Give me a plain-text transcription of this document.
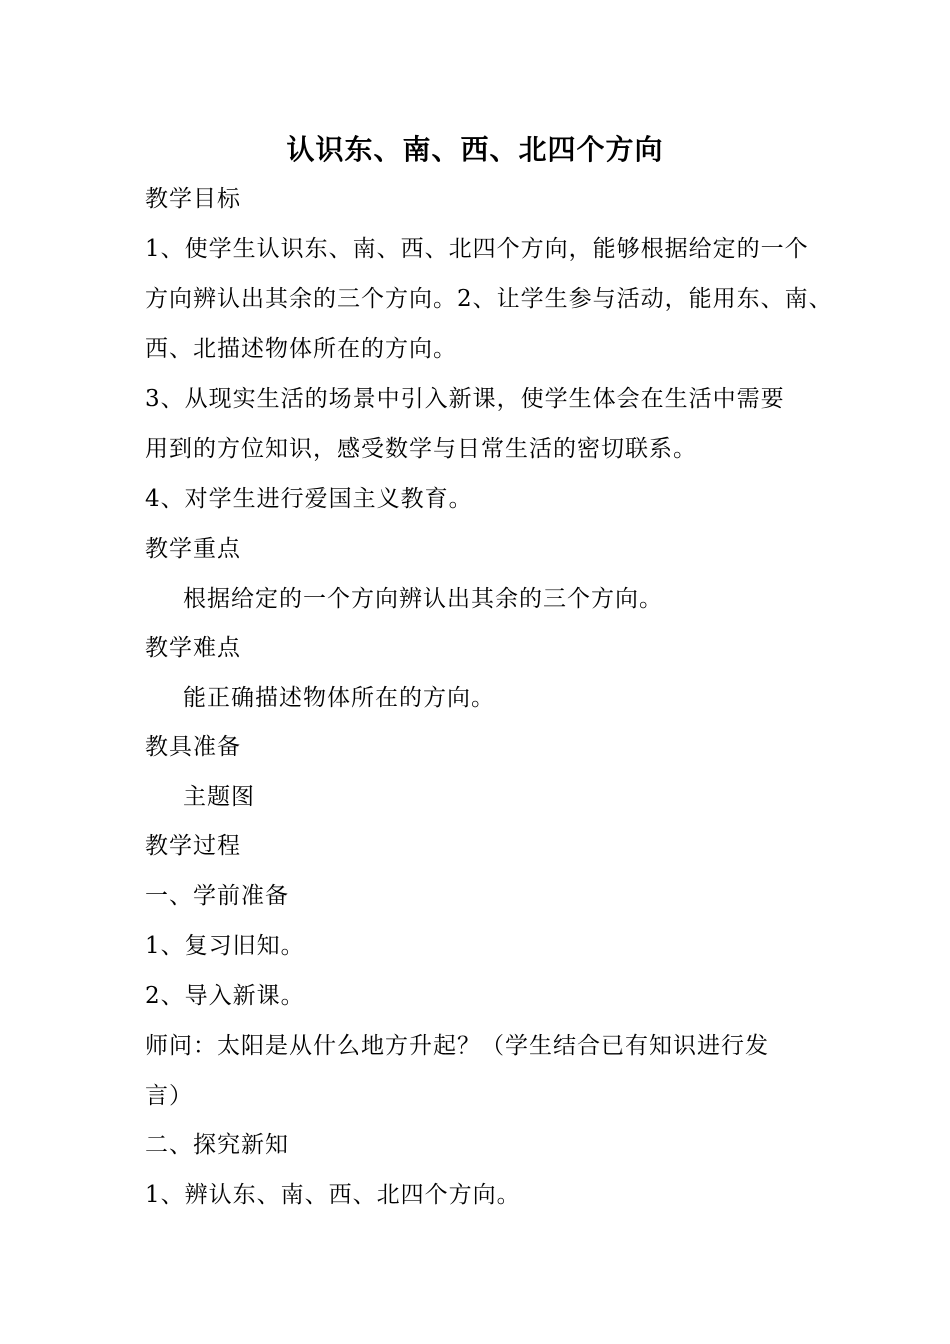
认识东、南、西、北四个方向
教学目标
1、使学生认识东、南、西、北四个方向，能够根据给定的一个
方向辨认出其余的三个方向。2、让学生参与活动，能用东、南、
西、北描述物体所在的方向。
3、从现实生活的场景中引入新课，使学生体会在生活中需要
用到的方位知识，感受数学与日常生活的密切联系。
4、对学生进行爱国主义教育。
教学重点
根据给定的一个方向辨认出其余的三个方向。
教学难点
能正确描述物体所在的方向。
教具准备
主题图
教学过程
一、学前准备
1、复习旧知。
2、导入新课。
师问：太阳是从什么地方升起？（学生结合已有知识进行发
言）
二、探究新知
1、辨认东、南、西、北四个方向。
